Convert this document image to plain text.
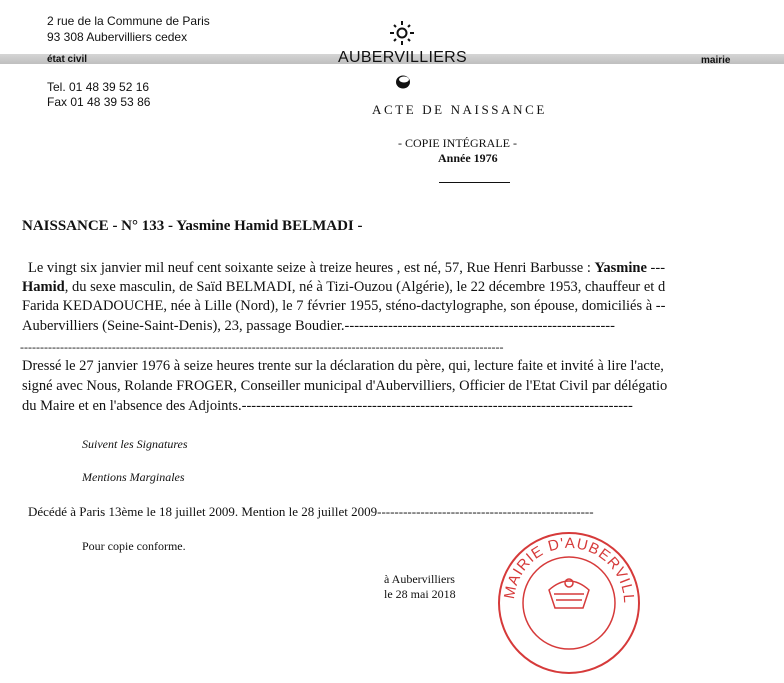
2 rue de la Commune de Paris
93 308 Aubervilliers cedex
état civil	AUBERVILLIERS	mairie
Tel. 01 48 39 52 16
Fax 01 48 39 53 86	ACTE DE NAISSANCE
- COPIE INTÉGRALE -
Année 1976
NAISSANCE - N° 133 - Yasmine Hamid BELMADI -
Le vingt six janvier mil neuf cent soixante seize à treize heures , est né, 57, Rue Henri Barbusse : Yasmine ---
Hamid, du sexe masculin, de Saïd BELMADI, né à Tizi-Ouzou (Algérie), le 22 décembre 1953, chauffeur et d
Farida KEDADOUCHE, née à Lille (Nord), le 7 février 1955, sténo-dactylographe, son épouse, domiciliés à --
Aubervilliers (Seine-Saint-Denis), 23, passage Boudier.--------------------------------------------------------
-------------------------------------------------------------------------------------------------------------------------
Dressé le 27 janvier 1976 à seize heures trente sur la déclaration du père, qui, lecture faite et invité à lire l'acte,
signé avec Nous, Rolande FROGER, Conseiller municipal d'Aubervilliers, Officier de l'Etat Civil par délégatio
du Maire et en l'absence des Adjoints.---------------------------------------------------------------------------------
Suivent les Signatures
Mentions Marginales
Décédé à Paris 13ème le 18 juillet 2009. Mention le 28 juillet 2009--------------------------------------------------
Pour copie conforme.
à Aubervilliers
le 28 mai 2018	MAIRIE D'AUBERVILL
